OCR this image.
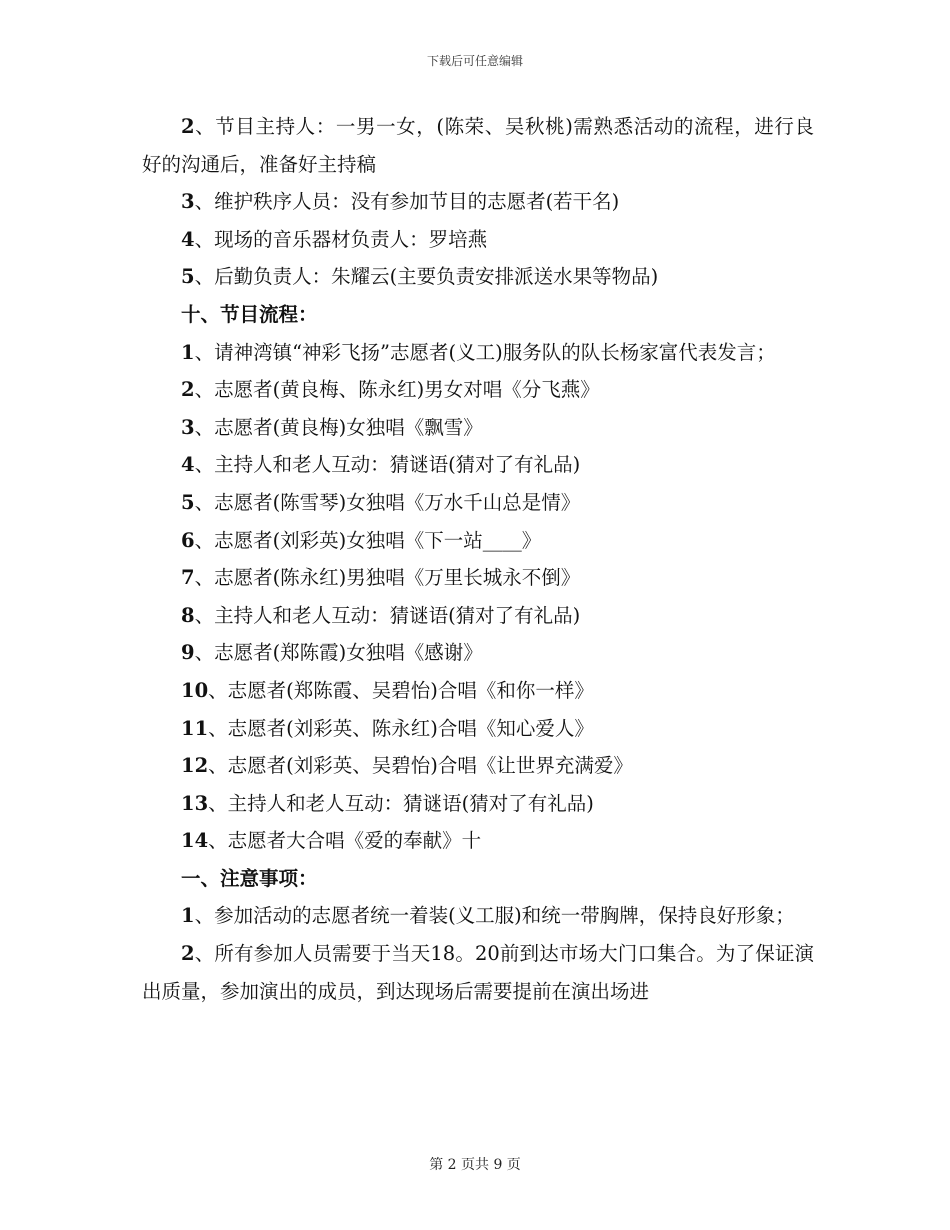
下载后可任意编辑

2、节目主持人：一男一女，(陈荣、吴秋桃)需熟悉活动的流程，进行良好的沟通后，准备好主持稿

3、维护秩序人员：没有参加节目的志愿者(若干名)

4、现场的音乐器材负责人：罗培燕

5、后勤负责人：朱耀云(主要负责安排派送水果等物品)

十、节目流程：

1、请神湾镇“神彩飞扬”志愿者(义工)服务队的队长杨家富代表发言；

2、志愿者(黄良梅、陈永红)男女对唱《分飞燕》

3、志愿者(黄良梅)女独唱《飘雪》

4、主持人和老人互动：猜谜语(猜对了有礼品)

5、志愿者(陈雪琴)女独唱《万水千山总是情》

6、志愿者(刘彩英)女独唱《下一站____》

7、志愿者(陈永红)男独唱《万里长城永不倒》

8、主持人和老人互动：猜谜语(猜对了有礼品)

9、志愿者(郑陈霞)女独唱《感谢》

10、志愿者(郑陈霞、吴碧怡)合唱《和你一样》

11、志愿者(刘彩英、陈永红)合唱《知心爱人》

12、志愿者(刘彩英、吴碧怡)合唱《让世界充满爱》

13、主持人和老人互动：猜谜语(猜对了有礼品)

14、志愿者大合唱《爱的奉献》十

一、注意事项：

1、参加活动的志愿者统一着装(义工服)和统一带胸牌，保持良好形象；

2、所有参加人员需要于当天18。20前到达市场大门口集合。为了保证演出质量，参加演出的成员，到达现场后需要提前在演出场进

第 2 页共 9 页
